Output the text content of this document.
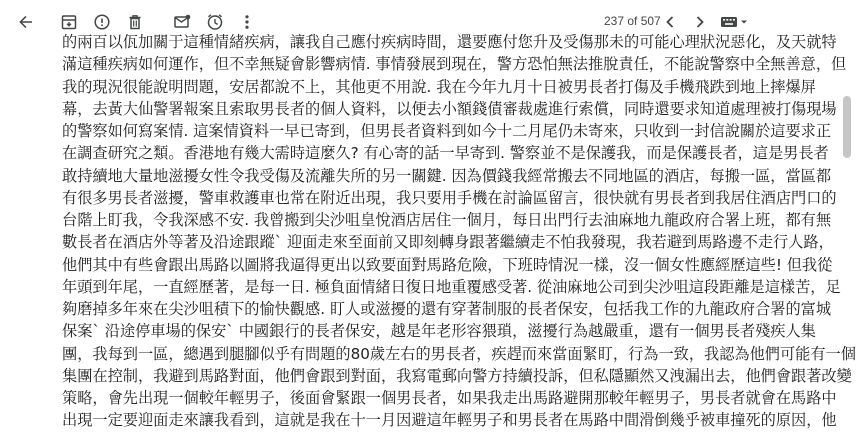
237 of 507
的兩百以佤加關于這種情緒疾病，讓我自己應付疾病時間，還要應付您升及受傷那未的可能心理狀況惡化，及天就特
滿這種疾病如何運作，但不幸無疑會影響病情. 事情發展到現在，警方恐怕無法推脫責任，不能說警察中全無善意，但
我的現況很能說明問題，安居都說不上，其他更不用說. 我在今年九月十日被男長者打傷及手機飛跌到地上摔爆屏
幕，去黃大仙警署報案且索取男長者的個人資料，以便去小額錢債審裁處進行索償，同時還要求知道處理被打傷現場
的警察如何寫案情. 這案情資料一早已寄到，但男長者資料到如今十二月尾仍未寄來，只收到一封信說關於這要求正
在調查研究之類。香港地有幾大需時這麼久? 有心寄的話一早寄到. 警察並不是保護我，而是保護長者，這是男長者
敢持續地大量地滋擾女性令我受傷及流離失所的另一關鍵. 因為價錢我經常搬去不同地區的酒店，每搬一區，當區都
有很多男長者滋擾，警車救護車也常在附近出現，我只要用手機在討論區留言，很快就有男長者到我居住酒店門口的
台階上盯我，令我深感不安. 我曾搬到尖沙咀皇悅酒店居住一個月，每日出門行去油麻地九龍政府合署上班，都有無
數長者在酒店外等著及沿途跟蹤` 迎面走來至面前又即刻轉身跟著繼續走不怕我發現，我若避到馬路邊不走行人路，
他們其中有些會跟出馬路以圖將我逼得更出以致要面對馬路危險，下班時情況一樣，沒一個女性應經歷這些! 但我從
年頭到年尾，一直經歷著，是每一日. 極負面情緒日復日地重覆感受著. 從油麻地公司到尖沙咀這段距離是這樣苦，足
夠磨掉多年來在尖沙咀積下的愉快觀感. 盯人或滋擾的還有穿著制服的長者保安，包括我工作的九龍政府合署的富城
保案` 沿途停車場的保安` 中國銀行的長者保安，越是年老形容猥瑣，滋擾行為越嚴重，還有一個男長者殘疾人集
團，我每到一區，總遇到腿腳似乎有問題的80歲左右的男長者，疾趕而來當面緊盯，行為一致，我認為他們可能有一個
集團在控制，我避到馬路對面，他們會跟到對面，我寫電郵向警方持續投訴，但私隱顯然又洩漏出去，他們會跟著改變
策略，會先出現一個較年輕男子，後面會緊跟一個男長者，如果我走出馬路避開那較年輕男子，男長者就會在馬路中
出現一定要迎面走來讓我看到，這就是我在十一月因避這年輕男子和男長者在馬路中間滑倒幾乎被車撞死的原因，他
